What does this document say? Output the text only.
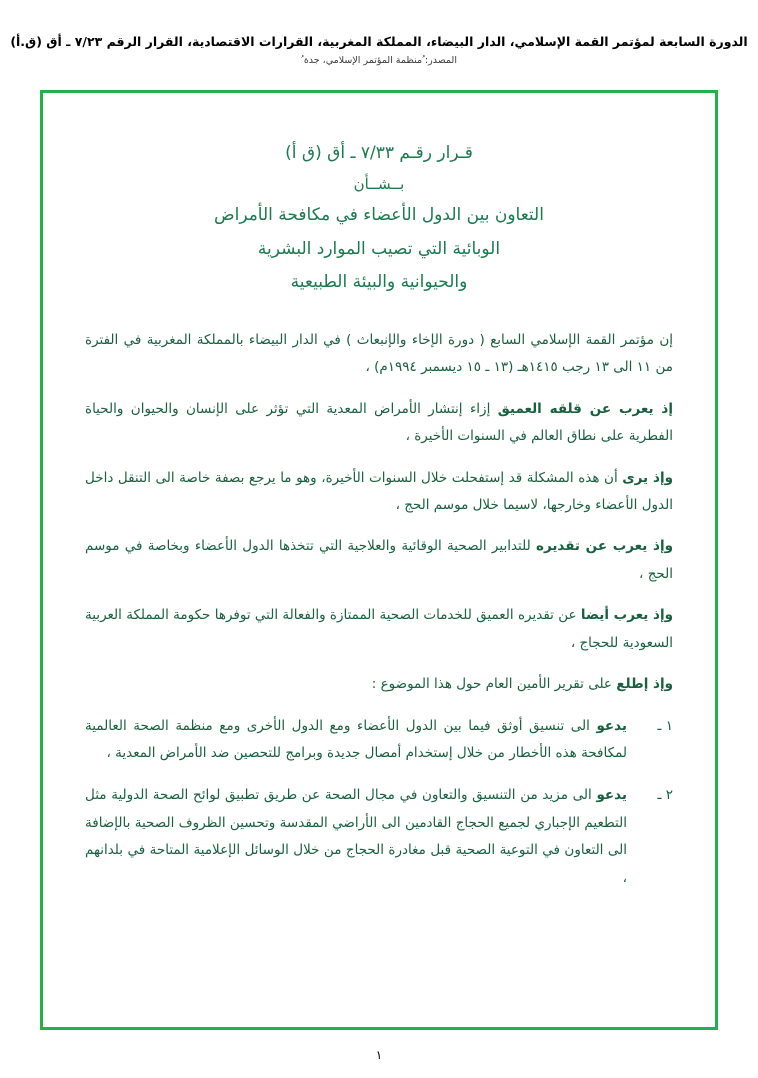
الدورة السابعة لمؤتمر القمة الإسلامي، الدار البيضاء، المملكة المغربية، القرارات الاقتصادية، القرار الرقم ٧/٢٣ ـ أق (ق.أ)
المصدر: ُمنظمة المؤتمر الإسلامي، جدة ُ
قـرار رقـم ٧/٣٣ ـ أق (ق أ)
بــشــأن
التعاون بين الدول الأعضاء في مكافحة الأمراض
الوبائية التي تصيب الموارد البشرية
والحيوانية والبيئة الطبيعية

إن مؤتمر القمة الإسلامي السابع ( دورة الإخاء والإنبعاث ) في الدار البيضاء بالمملكة المغربية في الفترة من ١١ الى ١٣ رجب ١٤١٥هـ (١٣ ـ ١٥ ديسمبر ١٩٩٤م) ،

إذ يعرب عن قلقه العميق إزاء إنتشار الأمراض المعدية التي تؤثر على الإنسان والحيوان والحياة الفطرية على نطاق العالم في السنوات الأخيرة ،

وإذ يرى أن هذه المشكلة قد إستفحلت خلال السنوات الأخيرة، وهو ما يرجع بصفة خاصة الى التنقل داخل الدول الأعضاء وخارجها، لاسيما خلال موسم الحج ،

وإذ يعرب عن تقديره للتدابير الصحية الوقائية والعلاجية التي تتخذها الدول الأعضاء وبخاصة في موسم الحج ،

وإذ يعرب أيضا عن تقديره العميق للخدمات الصحية الممتازة والفعالة التي توفرها حكومة المملكة العربية السعودية للحجاج ،

وإذ إطلع على تقرير الأمين العام حول هذا الموضوع :

١ ـ
يدعو الى تنسيق أوثق فيما بين الدول الأعضاء ومع الدول الأخرى ومع منظمة الصحة العالمية لمكافحة هذه الأخطار من خلال إستخدام أمصال جديدة وبرامج للتحصين ضد الأمراض المعدية ،
٢ ـ
يدعو الى مزيد من التنسيق والتعاون في مجال الصحة عن طريق تطبيق لوائح الصحة الدولية مثل التطعيم الإجباري لجميع الحجاج القادمين الى الأراضي المقدسة وتحسين الظروف الصحية بالإضافة الى التعاون في التوعية الصحية قبل مغادرة الحجاج من خلال الوسائل الإعلامية المتاحة في بلدانهم ،
١
